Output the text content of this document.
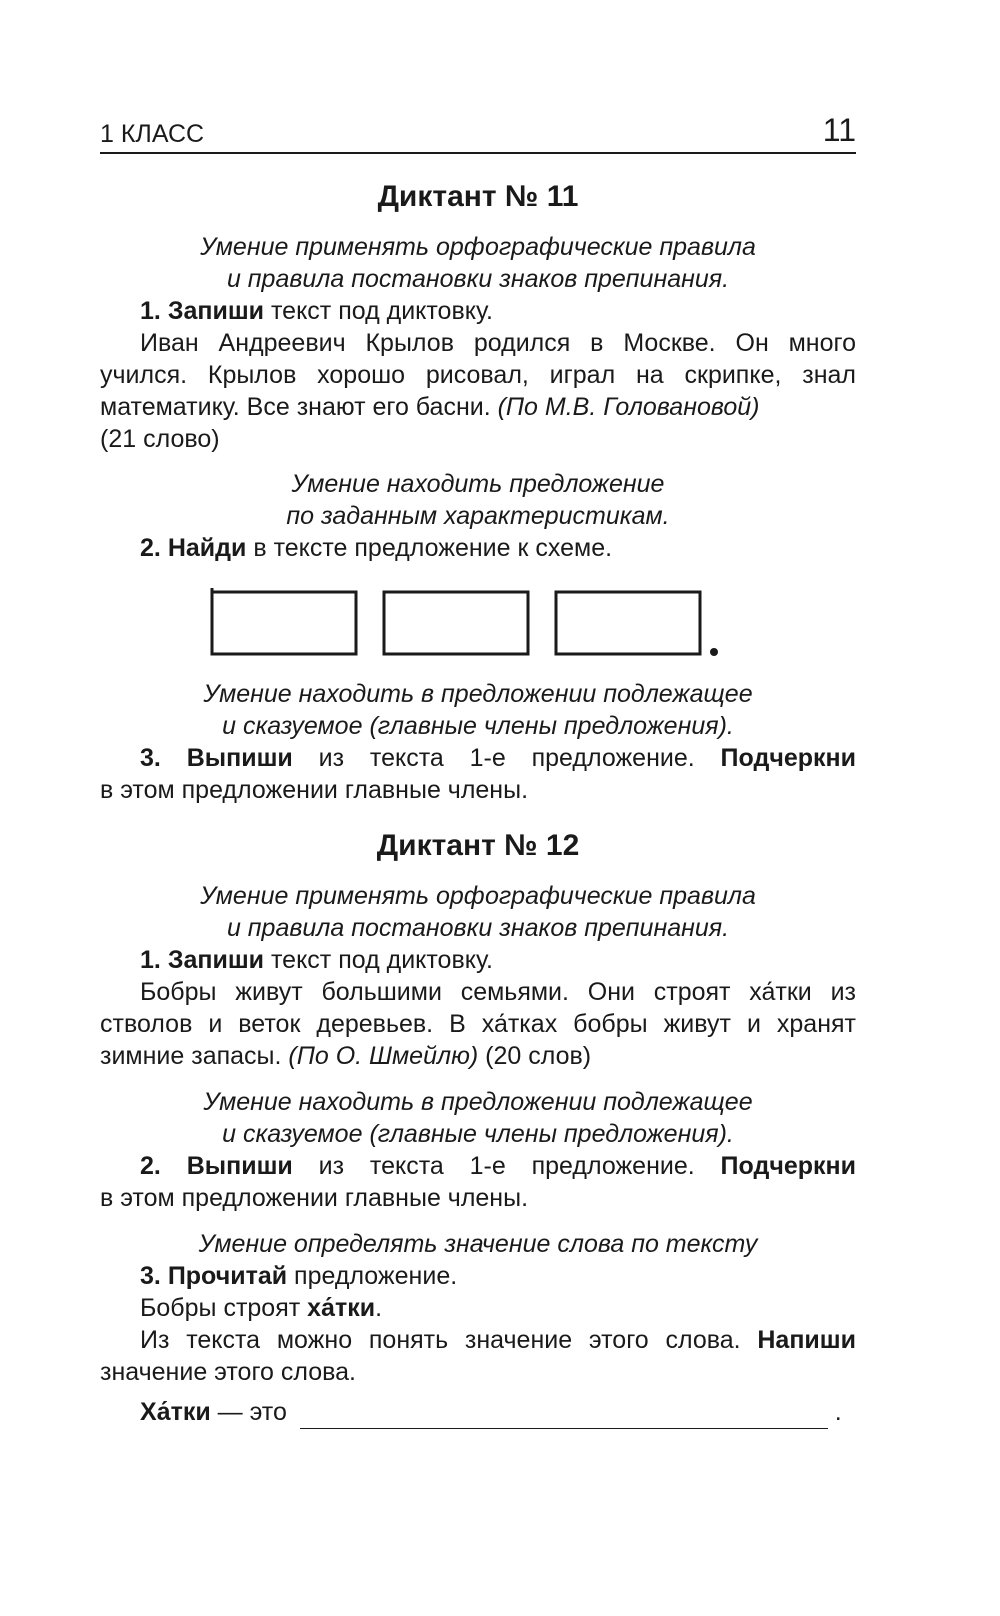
1 КЛАСС	11
Диктант № 11
Умение применять орфографические правила
и правила постановки знаков препинания.
1. Запиши текст под диктовку.
Иван Андреевич Крылов родился в Москве. Он много
учился. Крылов хорошо рисовал, играл на скрипке, знал
математику. Все знают его басни. (По М.В. Головановой)
(21 слово)
Умение находить предложение
по заданным характеристикам.
2. Найди в тексте предложение к схеме.
Умение находить в предложении подлежащее
и сказуемое (главные члены предложения).
3. Выпиши из текста 1-е предложение. Подчеркни
в этом предложении главные члены.
Диктант № 12
Умение применять орфографические правила
и правила постановки знаков препинания.
1. Запиши текст под диктовку.
Бобры живут большими семьями. Они строят ха́тки из
стволов и веток деревьев. В ха́тках бобры живут и хранят
зимние запасы. (По О. Шмейлю) (20 слов)
Умение находить в предложении подлежащее
и сказуемое (главные члены предложения).
2. Выпиши из текста 1-е предложение. Подчеркни
в этом предложении главные члены.
Умение определять значение слова по тексту
3. Прочитай предложение.
Бобры строят ха́тки.
Из текста можно понять значение этого слова. Напиши
значение этого слова.
Ха́тки — это	.
